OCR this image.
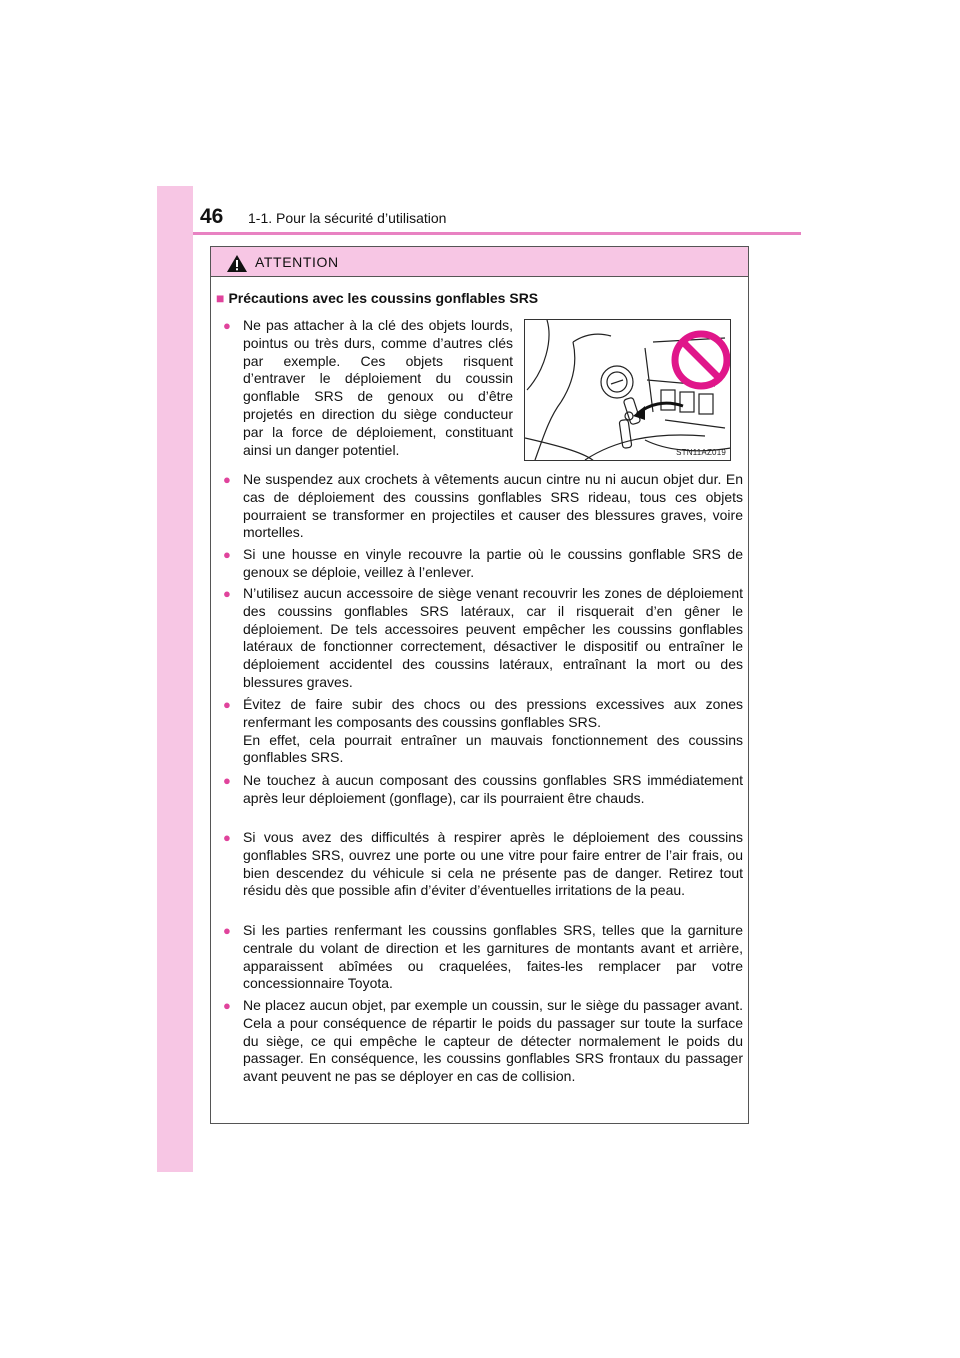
46 1-1. Pour la sécurité d’utilisation
ATTENTION
■ Précautions avec les coussins gonflables SRS
● Ne pas attacher à la clé des objets lourds, pointus ou très durs, comme d’autres clés par exemple. Ces objets risquent d’entraver le déploiement du coussin gonflable SRS de genoux ou d’être projetés en direction du siège conducteur par la force de déploiement, constituant ainsi un danger potentiel.	STN11AZ019
● Ne suspendez aux crochets à vêtements aucun cintre nu ni aucun objet dur. En cas de déploiement des coussins gonflables SRS rideau, tous ces objets pourraient se transformer en projectiles et causer des blessures graves, voire mortelles.
● Si une housse en vinyle recouvre la partie où le coussins gonflable SRS de genoux se déploie, veillez à l’enlever.
● N’utilisez aucun accessoire de siège venant recouvrir les zones de déploiement des coussins gonflables SRS latéraux, car il risquerait d’en gêner le déploiement. De tels accessoires peuvent empêcher les coussins gonflables latéraux de fonctionner correctement, désactiver le dispositif ou entraîner le déploiement accidentel des coussins latéraux, entraînant la mort ou des blessures graves.
● Évitez de faire subir des chocs ou des pressions excessives aux zones renfermant les composants des coussins gonflables SRS.
En effet, cela pourrait entraîner un mauvais fonctionnement des coussins gonflables SRS.
● Ne touchez à aucun composant des coussins gonflables SRS immédiatement après leur déploiement (gonflage), car ils pourraient être chauds.
● Si vous avez des difficultés à respirer après le déploiement des coussins gonflables SRS, ouvrez une porte ou une vitre pour faire entrer de l’air frais, ou bien descendez du véhicule si cela ne présente pas de danger. Retirez tout résidu dès que possible afin d’éviter d’éventuelles irritations de la peau.
● Si les parties renfermant les coussins gonflables SRS, telles que la garniture centrale du volant de direction et les garnitures de montants avant et arrière, apparaissent abîmées ou craquelées, faites-les remplacer par votre concessionnaire Toyota.
● Ne placez aucun objet, par exemple un coussin, sur le siège du passager avant. Cela a pour conséquence de répartir le poids du passager sur toute la surface du siège, ce qui empêche le capteur de détecter normalement le poids du passager. En conséquence, les coussins gonflables SRS frontaux du passager avant peuvent ne pas se déployer en cas de collision.
